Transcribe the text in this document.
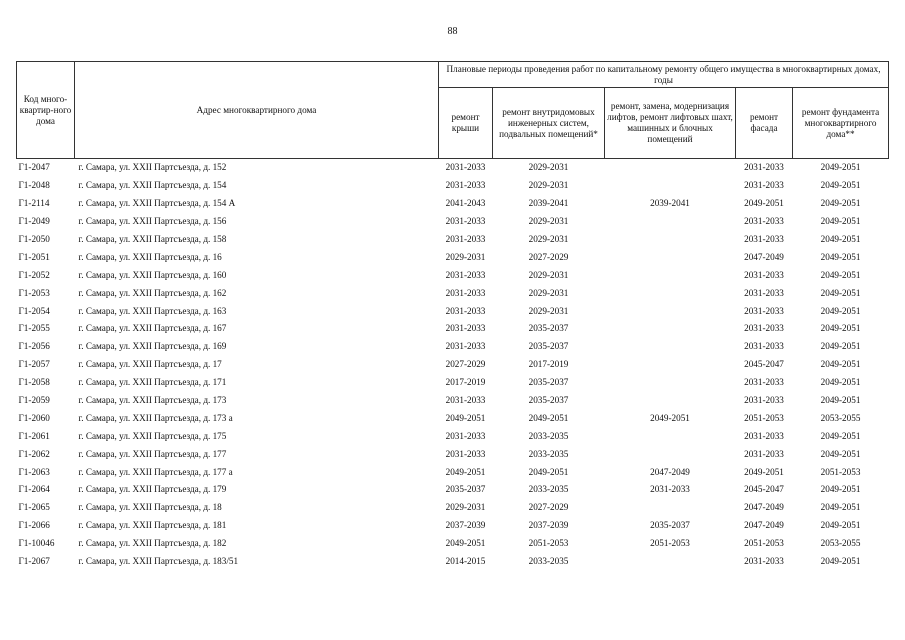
88
Код много-квартир-ного дома	Адрес многоквартирного дома	Плановые периоды проведения работ по капитальному ремонту общего имущества в многоквартирных домах, годы				
		ремонт крыши	ремонт внутридомовых инженерных систем, подвальных помещений*	ремонт, замена, модернизация лифтов, ремонт лифтовых шахт, машинных и блочных помещений	ремонт фасада	ремонт фундамента многоквартирного дома**
Г1-2047	г. Самара, ул. XXII Партсъезда, д. 152	2031-2033	2029-2031		2031-2033	2049-2051
Г1-2048	г. Самара, ул. XXII Партсъезда, д. 154	2031-2033	2029-2031		2031-2033	2049-2051
Г1-2114	г. Самара, ул. XXII Партсъезда, д. 154 А	2041-2043	2039-2041	2039-2041	2049-2051	2049-2051
Г1-2049	г. Самара, ул. XXII Партсъезда, д. 156	2031-2033	2029-2031		2031-2033	2049-2051
Г1-2050	г. Самара, ул. XXII Партсъезда, д. 158	2031-2033	2029-2031		2031-2033	2049-2051
Г1-2051	г. Самара, ул. XXII Партсъезда, д. 16	2029-2031	2027-2029		2047-2049	2049-2051
Г1-2052	г. Самара, ул. XXII Партсъезда, д. 160	2031-2033	2029-2031		2031-2033	2049-2051
Г1-2053	г. Самара, ул. XXII Партсъезда, д. 162	2031-2033	2029-2031		2031-2033	2049-2051
Г1-2054	г. Самара, ул. XXII Партсъезда, д. 163	2031-2033	2029-2031		2031-2033	2049-2051
Г1-2055	г. Самара, ул. XXII Партсъезда, д. 167	2031-2033	2035-2037		2031-2033	2049-2051
Г1-2056	г. Самара, ул. XXII Партсъезда, д. 169	2031-2033	2035-2037		2031-2033	2049-2051
Г1-2057	г. Самара, ул. XXII Партсъезда, д. 17	2027-2029	2017-2019		2045-2047	2049-2051
Г1-2058	г. Самара, ул. XXII Партсъезда, д. 171	2017-2019	2035-2037		2031-2033	2049-2051
Г1-2059	г. Самара, ул. XXII Партсъезда, д. 173	2031-2033	2035-2037		2031-2033	2049-2051
Г1-2060	г. Самара, ул. XXII Партсъезда, д. 173 а	2049-2051	2049-2051	2049-2051	2051-2053	2053-2055
Г1-2061	г. Самара, ул. XXII Партсъезда, д. 175	2031-2033	2033-2035		2031-2033	2049-2051
Г1-2062	г. Самара, ул. XXII Партсъезда, д. 177	2031-2033	2033-2035		2031-2033	2049-2051
Г1-2063	г. Самара, ул. XXII Партсъезда, д. 177 а	2049-2051	2049-2051	2047-2049	2049-2051	2051-2053
Г1-2064	г. Самара, ул. XXII Партсъезда, д. 179	2035-2037	2033-2035	2031-2033	2045-2047	2049-2051
Г1-2065	г. Самара, ул. XXII Партсъезда, д. 18	2029-2031	2027-2029		2047-2049	2049-2051
Г1-2066	г. Самара, ул. XXII Партсъезда, д. 181	2037-2039	2037-2039	2035-2037	2047-2049	2049-2051
Г1-10046	г. Самара, ул. XXII Партсъезда, д. 182	2049-2051	2051-2053	2051-2053	2051-2053	2053-2055
Г1-2067	г. Самара, ул. XXII Партсъезда, д. 183/51	2014-2015	2033-2035		2031-2033	2049-2051
